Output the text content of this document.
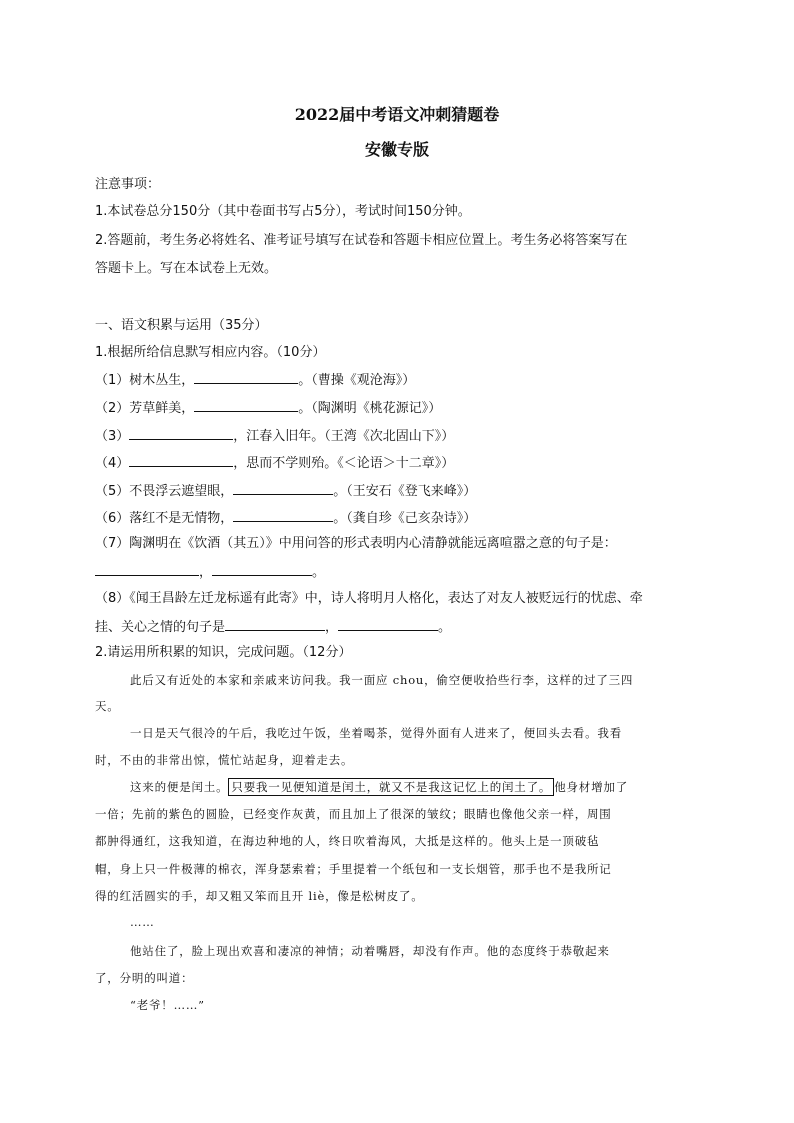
2022届中考语文冲刺猜题卷
安徽专版
注意事项：
1.本试卷总分150分（其中卷面书写占5分），考试时间150分钟。
2.答题前，考生务必将姓名、准考证号填写在试卷和答题卡相应位置上。考生务必将答案写在
答题卡上。写在本试卷上无效。
一、语文积累与运用（35分）
1.根据所给信息默写相应内容。（10分）
（1）树木丛生，	。（曹操《观沧海》）
（2）芳草鲜美，	。（陶渊明《桃花源记》）
（3）	，江春入旧年。（王湾《次北固山下》）
（4）	，思而不学则殆。《＜论语＞十二章》）
（5）不畏浮云遮望眼，	。（王安石《登飞来峰》）
（6）落红不是无情物，	。（龚自珍《己亥杂诗》）
（7）陶渊明在《饮酒（其五）》中用问答的形式表明内心清静就能远离喧嚣之意的句子是：
，	。
（8）《闻王昌龄左迁龙标遥有此寄》中，诗人将明月人格化，表达了对友人被贬远行的忧虑、牵
挂、关心之情的句子是	，	。
2.请运用所积累的知识，完成问题。（12分）
此后又有近处的本家和亲戚来访问我。我一面应 chou，偷空便收拾些行李，这样的过了三四
天。
一日是天气很冷的午后，我吃过午饭，坐着喝茶，觉得外面有人进来了，便回头去看。我看
时，不由的非常出惊，慌忙站起身，迎着走去。
这来的便是闰土。 只要我一见便知道是闰土，就又不是我这记忆上的闰土了。 他身材增加了
一倍；先前的紫色的圆脸，已经变作灰黄，而且加上了很深的皱纹；眼睛也像他父亲一样，周围
都肿得通红，这我知道，在海边种地的人，终日吹着海风，大抵是这样的。他头上是一顶破毡
帽，身上只一件极薄的棉衣，浑身瑟索着；手里提着一个纸包和一支长烟管，那手也不是我所记
得的红活圆实的手，却又粗又笨而且开 liè，像是松树皮了。
……
他站住了，脸上现出欢喜和凄凉的神情；动着嘴唇，却没有作声。他的态度终于恭敬起来
了，分明的叫道：
“老爷！……”
